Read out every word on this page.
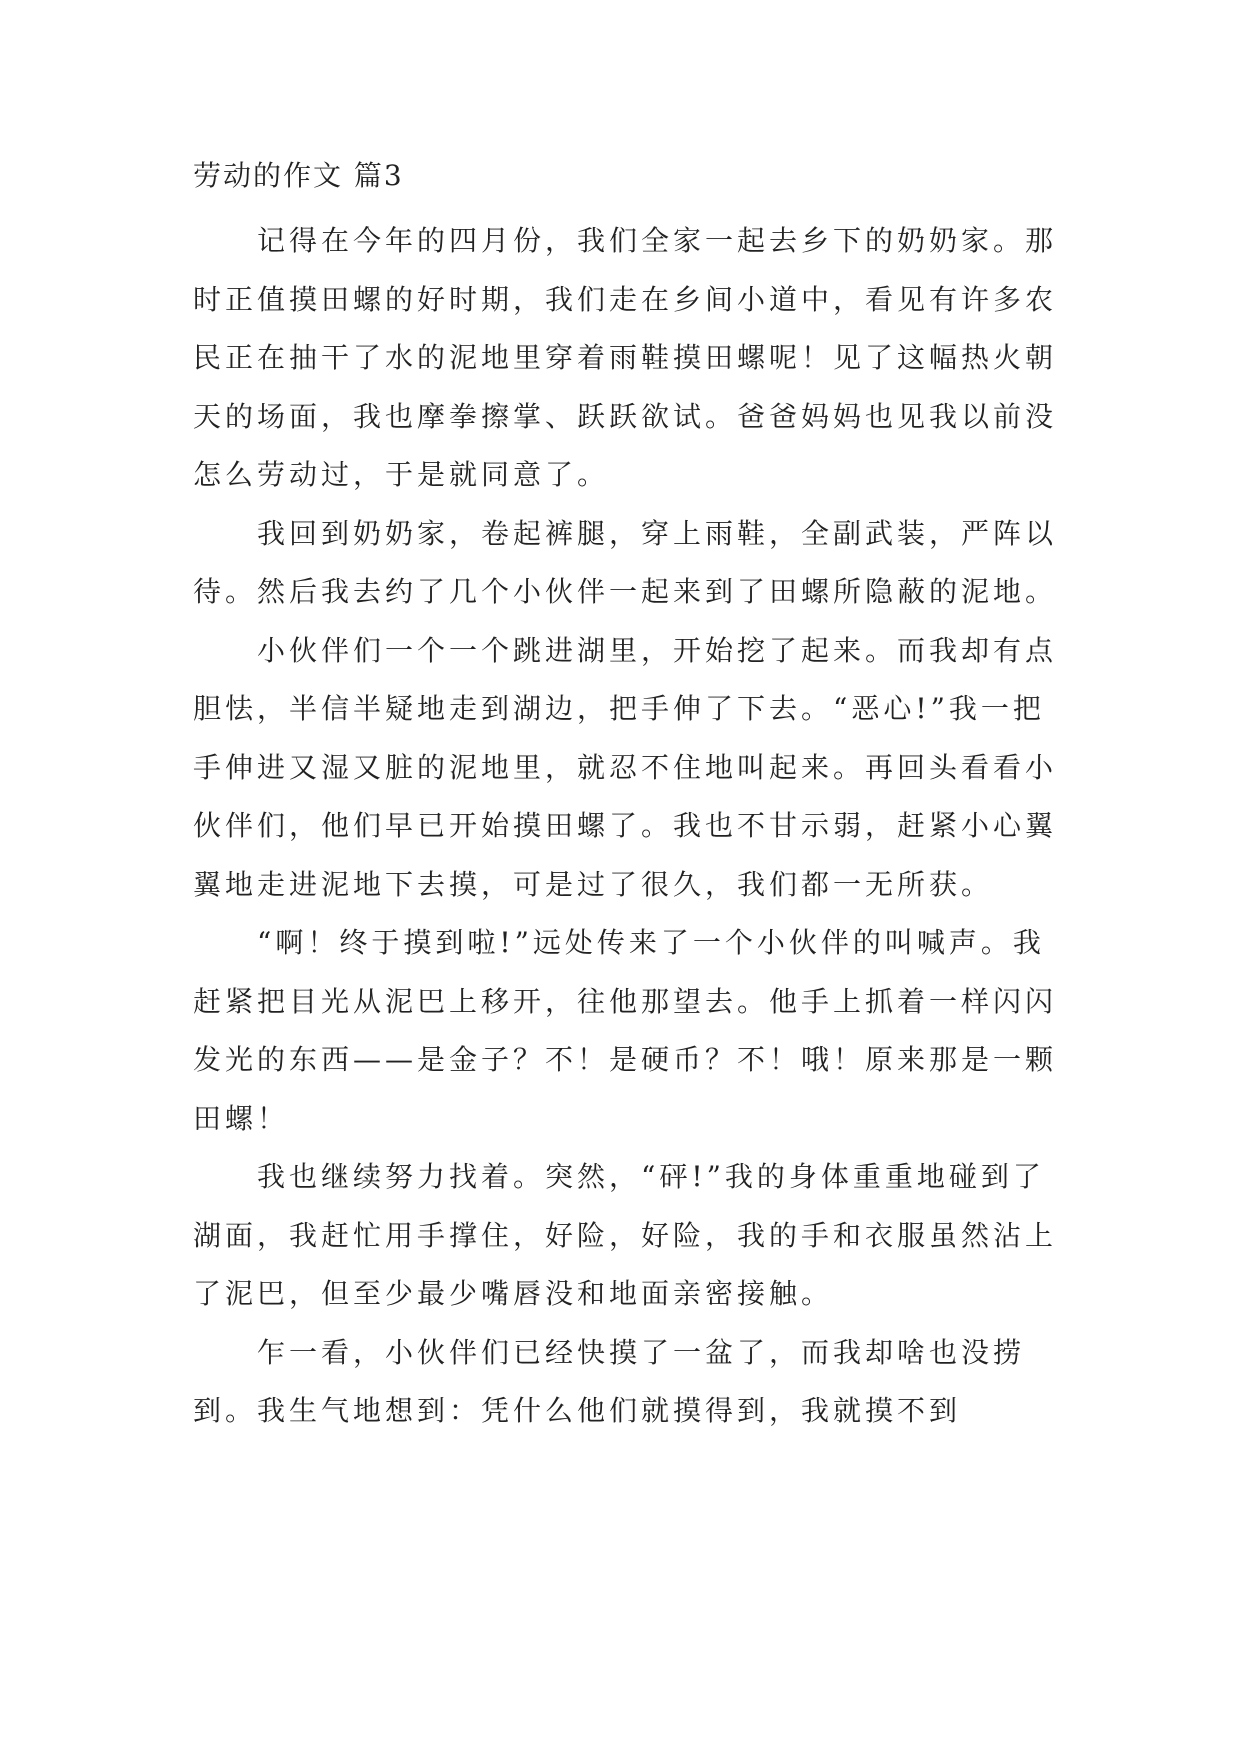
劳动的作文 篇3

记得在今年的四月份，我们全家一起去乡下的奶奶家。那时正值摸田螺的好时期，我们走在乡间小道中，看见有许多农民正在抽干了水的泥地里穿着雨鞋摸田螺呢！见了这幅热火朝天的场面，我也摩拳擦掌、跃跃欲试。爸爸妈妈也见我以前没怎么劳动过，于是就同意了。

我回到奶奶家，卷起裤腿，穿上雨鞋，全副武装，严阵以待。然后我去约了几个小伙伴一起来到了田螺所隐蔽的泥地。

小伙伴们一个一个跳进湖里，开始挖了起来。而我却有点胆怯，半信半疑地走到湖边，把手伸了下去。“恶心!”我一把手伸进又湿又脏的泥地里，就忍不住地叫起来。再回头看看小伙伴们，他们早已开始摸田螺了。我也不甘示弱，赶紧小心翼翼地走进泥地下去摸，可是过了很久，我们都一无所获。

“啊！终于摸到啦!”远处传来了一个小伙伴的叫喊声。我赶紧把目光从泥巴上移开，往他那望去。他手上抓着一样闪闪发光的东西——是金子？不！是硬币？不！哦！原来那是一颗田螺！

我也继续努力找着。突然，“砰!”我的身体重重地碰到了湖面，我赶忙用手撑住，好险，好险，我的手和衣服虽然沾上了泥巴，但至少最少嘴唇没和地面亲密接触。

乍一看，小伙伴们已经快摸了一盆了，而我却啥也没捞到。我生气地想到：凭什么他们就摸得到，我就摸不到
